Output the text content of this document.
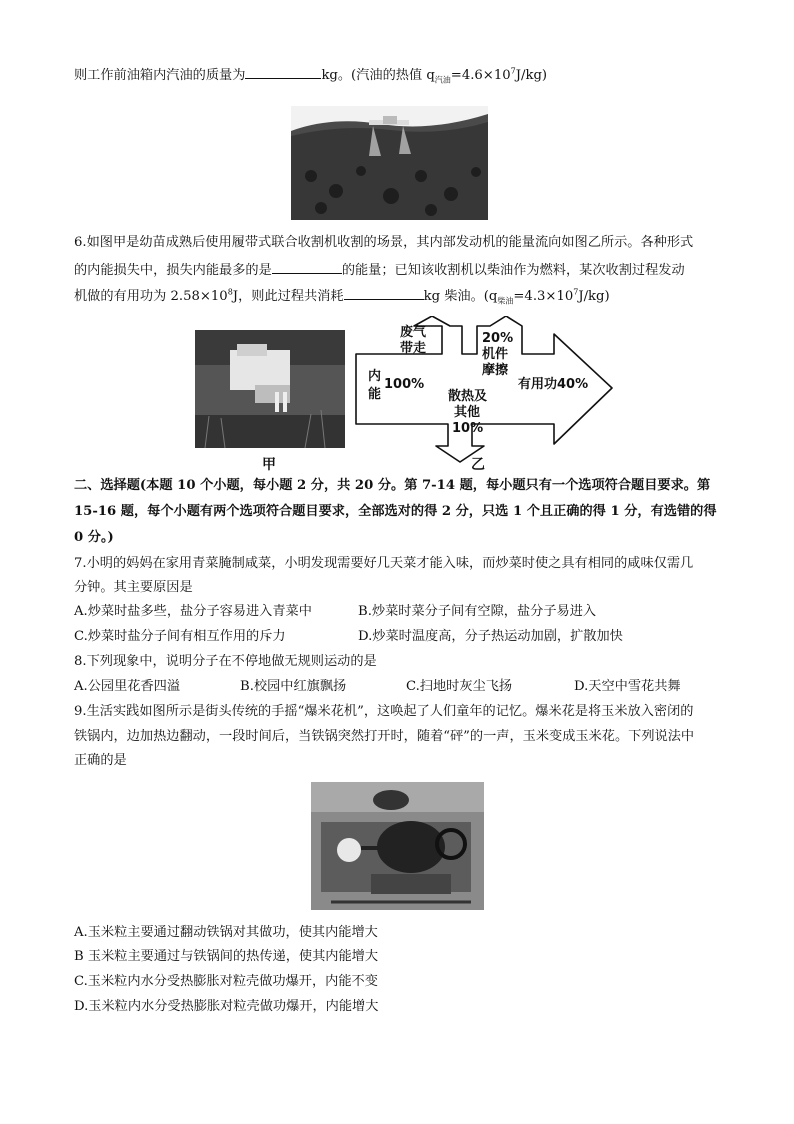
则工作前油箱内汽油的质量为	kg。(汽油的热值 $q_{汽油}=4.6\times 10^7J/kg$)
6.如图甲是幼苗成熟后使用履带式联合收割机收割的场景，其内部发动机的能量流向如图乙所示。各种形式
的内能损失中，损失内能最多的是	的能量；已知该收割机以柴油作为燃料，某次收割过程发动
机做的有用功为 $2.58\times 10^8J$，则此过程共消耗	kg 柴油。$(q_{柴油}=4.3\times 10^7J/kg)$
甲
内
能
100%
废气
带走
20%
机件
摩擦
有用功40%
散热及
其他
10%
乙
二、选择题(本题 10 个小题，每小题 2 分，共 20 分。第 7-14 题，每小题只有一个选项符合题目要求。第
15-16 题，每个小题有两个选项符合题目要求，全部选对的得 2 分，只选 1 个且正确的得 1 分，有选错的得
0 分。)
7.小明的妈妈在家用青菜腌制咸菜，小明发现需要好几天菜才能入味，而炒菜时使之具有相同的咸味仅需几
分钟。其主要原因是
A.炒菜时盐多些，盐分子容易进入青菜中	B.炒菜时菜分子间有空隙，盐分子易进入
C.炒菜时盐分子间有相互作用的斥力	D.炒菜时温度高，分子热运动加剧，扩散加快
8.下列现象中，说明分子在不停地做无规则运动的是
A.公园里花香四溢	B.校园中红旗飘扬	C.扫地时灰尘飞扬	D.天空中雪花共舞
9.生活实践如图所示是街头传统的手摇“爆米花机”，这唤起了人们童年的记忆。爆米花是将玉米放入密闭的
铁锅内，边加热边翻动，一段时间后，当铁锅突然打开时，随着“砰”的一声，玉米变成玉米花。下列说法中
正确的是
A.玉米粒主要通过翻动铁锅对其做功，使其内能增大
B 玉米粒主要通过与铁锅间的热传递，使其内能增大
C.玉米粒内水分受热膨胀对粒壳做功爆开，内能不变
D.玉米粒内水分受热膨胀对粒壳做功爆开，内能增大
